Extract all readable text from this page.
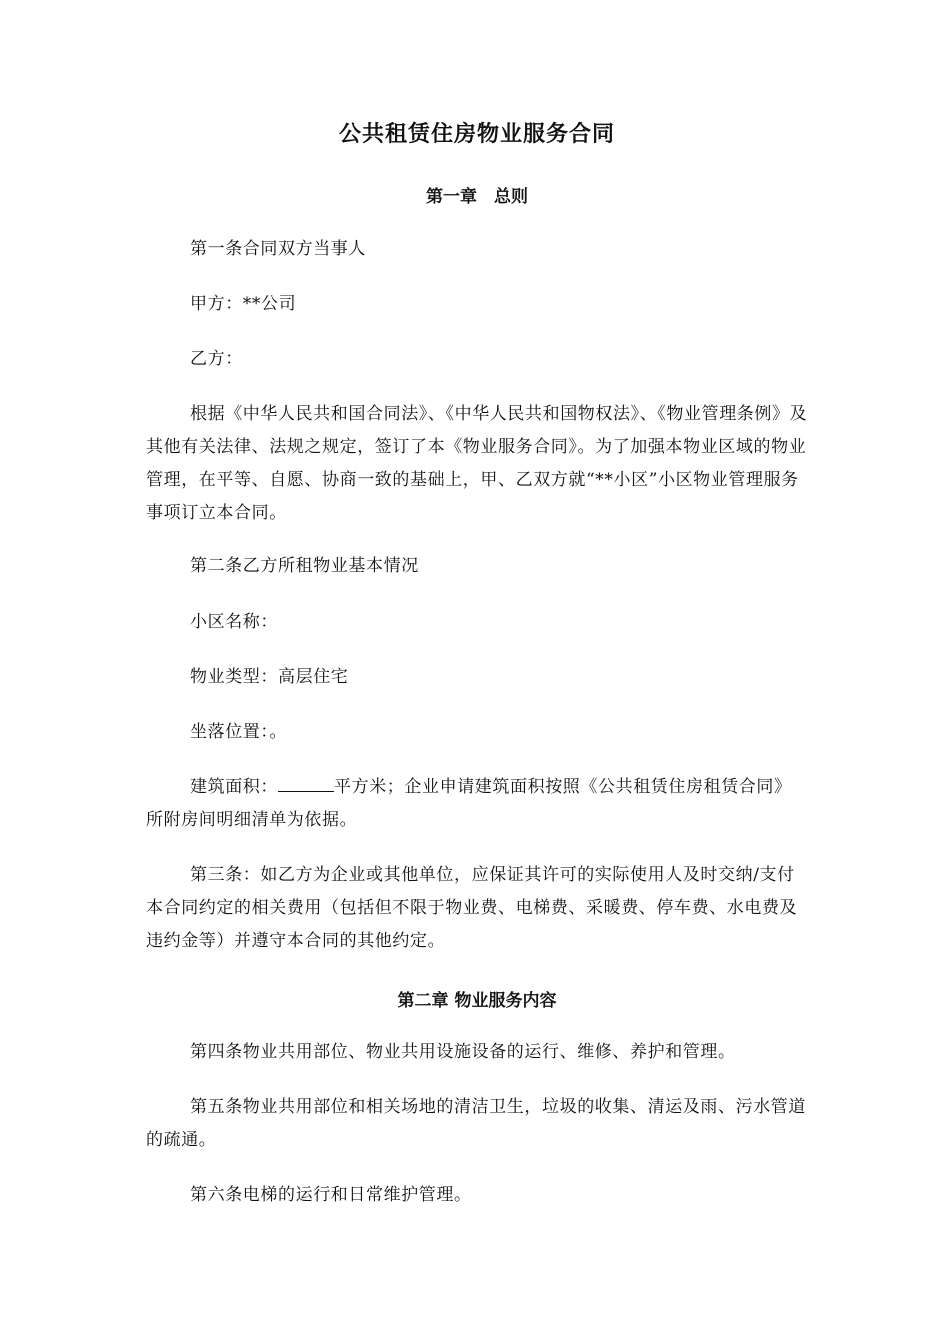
公共租赁住房物业服务合同
第一章　总则

第一条合同双方当事人

甲方：**公司

乙方：

根据《中华人民共和国合同法》、《中华人民共和国物权法》、《物业管理条例》及其他有关法律、法规之规定，签订了本《物业服务合同》。为了加强本物业区域的物业管理，在平等、自愿、协商一致的基础上，甲、乙双方就“**小区”小区物业管理服务事项订立本合同。

第二条乙方所租物业基本情况

小区名称：

物业类型：高层住宅

坐落位置：。

建筑面积：	平方米；企业申请建筑面积按照《公共租赁住房租赁合同》所附房间明细清单为依据。

第三条：如乙方为企业或其他单位，应保证其许可的实际使用人及时交纳/支付本合同约定的相关费用（包括但不限于物业费、电梯费、采暖费、停车费、水电费及违约金等）并遵守本合同的其他约定。

第二章 物业服务内容

第四条物业共用部位、物业共用设施设备的运行、维修、养护和管理。

第五条物业共用部位和相关场地的清洁卫生，垃圾的收集、清运及雨、污水管道的疏通。

第六条电梯的运行和日常维护管理。
